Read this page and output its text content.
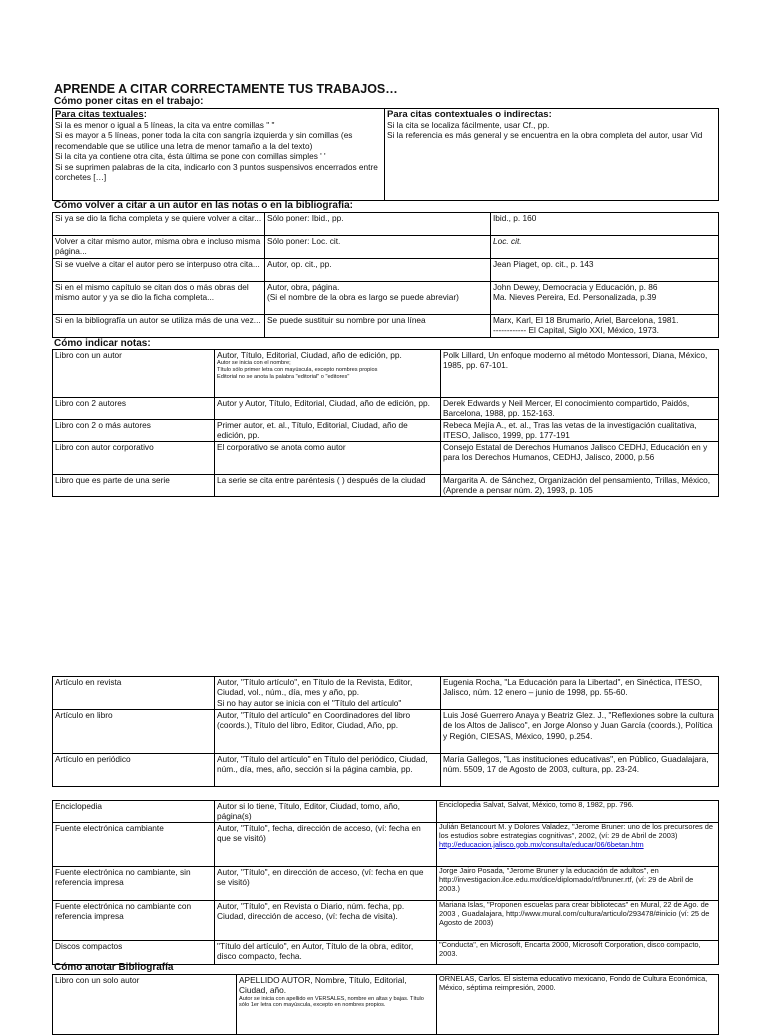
APRENDE A CITAR CORRECTAMENTE TUS TRABAJOS…
Cómo poner citas en el trabajo:
Para citas textuales:
Si la es menor o igual a 5 líneas, la cita va entre comillas " "
Si es mayor a 5 líneas, poner toda la cita con sangría izquierda y sin comillas (es recomendable que se utilice una letra de menor tamaño a la del texto)
Si la cita ya contiene otra cita, ésta última se pone con comillas simples ' '
Si se suprimen palabras de la cita, indicarlo con 3 puntos suspensivos encerrados entre corchetes […]

Para citas contextuales o indirectas:
Si la cita se localiza fácilmente, usar Cf., pp.
Si la referencia es más general y se encuentra en la obra completa del autor, usar Vid
Cómo volver a citar a un autor en las notas o en la bibliografía:
Si ya se dio la ficha completa y se quiere volver a citar...	Sólo poner: Ibid., pp.	Ibid., p. 160
Volver a citar mismo autor, misma obra e incluso misma página...	Sólo poner: Loc. cit.	Loc. cit.
Si se vuelve a citar el autor pero se interpuso otra cita...	Autor, op. cit., pp.	Jean Piaget, op. cit., p. 143
Si en el mismo capítulo se citan dos o más obras del mismo autor y ya se dio la ficha completa...	Autor, obra, página.
(Si el nombre de la obra es largo se puede abreviar)	John Dewey, Democracia y Educación, p. 86
Ma. Nieves Pereira, Ed. Personalizada, p.39
Si en la bibliografía un autor se utiliza más de una vez...	Se puede sustituir su nombre por una línea	Marx, Karl, El 18 Brumario, Ariel, Barcelona, 1981.
------------ El Capital, Siglo XXI, México, 1973.
Cómo indicar notas:
Libro con un autor	Autor, Título, Editorial, Ciudad, año de edición, pp.
Autor se inicia con el nombre;
Título sólo primer letra con mayúscula, excepto nombres propios
Editorial no se anota la palabra "editorial" o "editores"	Polk Lillard, Un enfoque moderno al método Montessori, Diana, México, 1985, pp. 67-101.
Libro con 2 autores	Autor y Autor, Título, Editorial, Ciudad, año de edición, pp.	Derek Edwards y Neil Mercer, El conocimiento compartido, Paidós, Barcelona, 1988, pp. 152-163.
Libro con 2 o más autores	Primer autor, et. al., Título, Editorial, Ciudad, año de edición, pp.	Rebeca Mejía A., et. al., Tras las vetas de la investigación cualitativa, ITESO, Jalisco, 1999, pp. 177-191
Libro con autor corporativo	El corporativo se anota como autor	Consejo Estatal de Derechos Humanos Jalisco CEDHJ, Educación en y para los Derechos Humanos, CEDHJ, Jalisco, 2000, p.56
Libro que es parte de una serie	La serie se cita entre paréntesis ( ) después de la ciudad	Margarita A. de Sánchez, Organización del pensamiento, Trillas, México, (Aprende a pensar núm. 2), 1993, p. 105
Artículo en revista	Autor, "Título artículo", en Título de la Revista, Editor, Ciudad, vol., núm., día, mes y año, pp.
Si no hay autor se inicia con el "Título del artículo"	Eugenia Rocha, "La Educación para la Libertad", en Sinéctica, ITESO, Jalisco, núm. 12 enero – junio de 1998, pp. 55-60.
Artículo en libro	Autor, "Título del artículo" en Coordinadores del libro (coords.), Título del libro, Editor, Ciudad, Año, pp.	Luis José Guerrero Anaya y Beatriz Glez. J., "Reflexiones sobre la cultura de los Altos de Jalisco", en Jorge Alonso y Juan García (coords.), Política y Región, CIESAS, México, 1990, p.254.
Artículo en periódico	Autor, "Título del artículo" en Título del periódico, Ciudad, núm., día, mes, año, sección si la página cambia, pp.	María Gallegos, "Las instituciones educativas", en Público, Guadalajara, núm. 5509, 17 de Agosto de 2003, cultura, pp. 23-24.
Enciclopedia	Autor si lo tiene, Título, Editor, Ciudad, tomo, año, página(s)	Enciclopedia Salvat, Salvat, México, tomo 8, 1982, pp. 796.
Fuente electrónica cambiante	Autor, "Título", fecha, dirección de acceso, (ví: fecha en que se visitó)	Julián Betancourt M. y Dolores Valadez, "Jerome Bruner: uno de los precursores de los estudios sobre estrategias cognitivas", 2002, (ví: 29 de Abril de 2003)
http://educacion.jalisco.gob.mx/consulta/educar/06/6betan.htm
Fuente electrónica no cambiante, sin referencia impresa	Autor, "Título", en dirección de acceso, (ví: fecha en que se visitó)	Jorge Jairo Posada, "Jerome Bruner y la educación de adultos", en http://investigacion.ilce.edu.mx/dice/diplomado/rtf/bruner.rtf, (ví: 29 de Abril de 2003.)
Fuente electrónica no cambiante con referencia impresa	Autor, "Título", en Revista o Diario, núm. fecha, pp. Ciudad, dirección de acceso, (ví: fecha de visita).	Mariana Islas, "Proponen escuelas para crear bibliotecas" en Mural, 22 de Ago. de 2003 , Guadalajara, http://www.mural.com/cultura/articulo/293478/#inicio (ví: 25 de Agosto de 2003)
Discos compactos	"Título del artículo", en Autor, Título de la obra, editor, disco compacto, fecha.	"Conducta", en Microsoft, Encarta 2000, Microsoft Corporation, disco compacto, 2003.
Cómo anotar Bibliografía
Libro con un solo autor	APELLIDO AUTOR, Nombre, Título, Editorial, Ciudad, año.
Autor se inicia con apellido en VERSALES, nombre en altas y bajas. Título sólo 1er letra con mayúscula, excepto en nombres propios.
	ORNELAS, Carlos. El sistema educativo mexicano, Fondo de Cultura Económica, México, séptima reimpresión, 2000.
